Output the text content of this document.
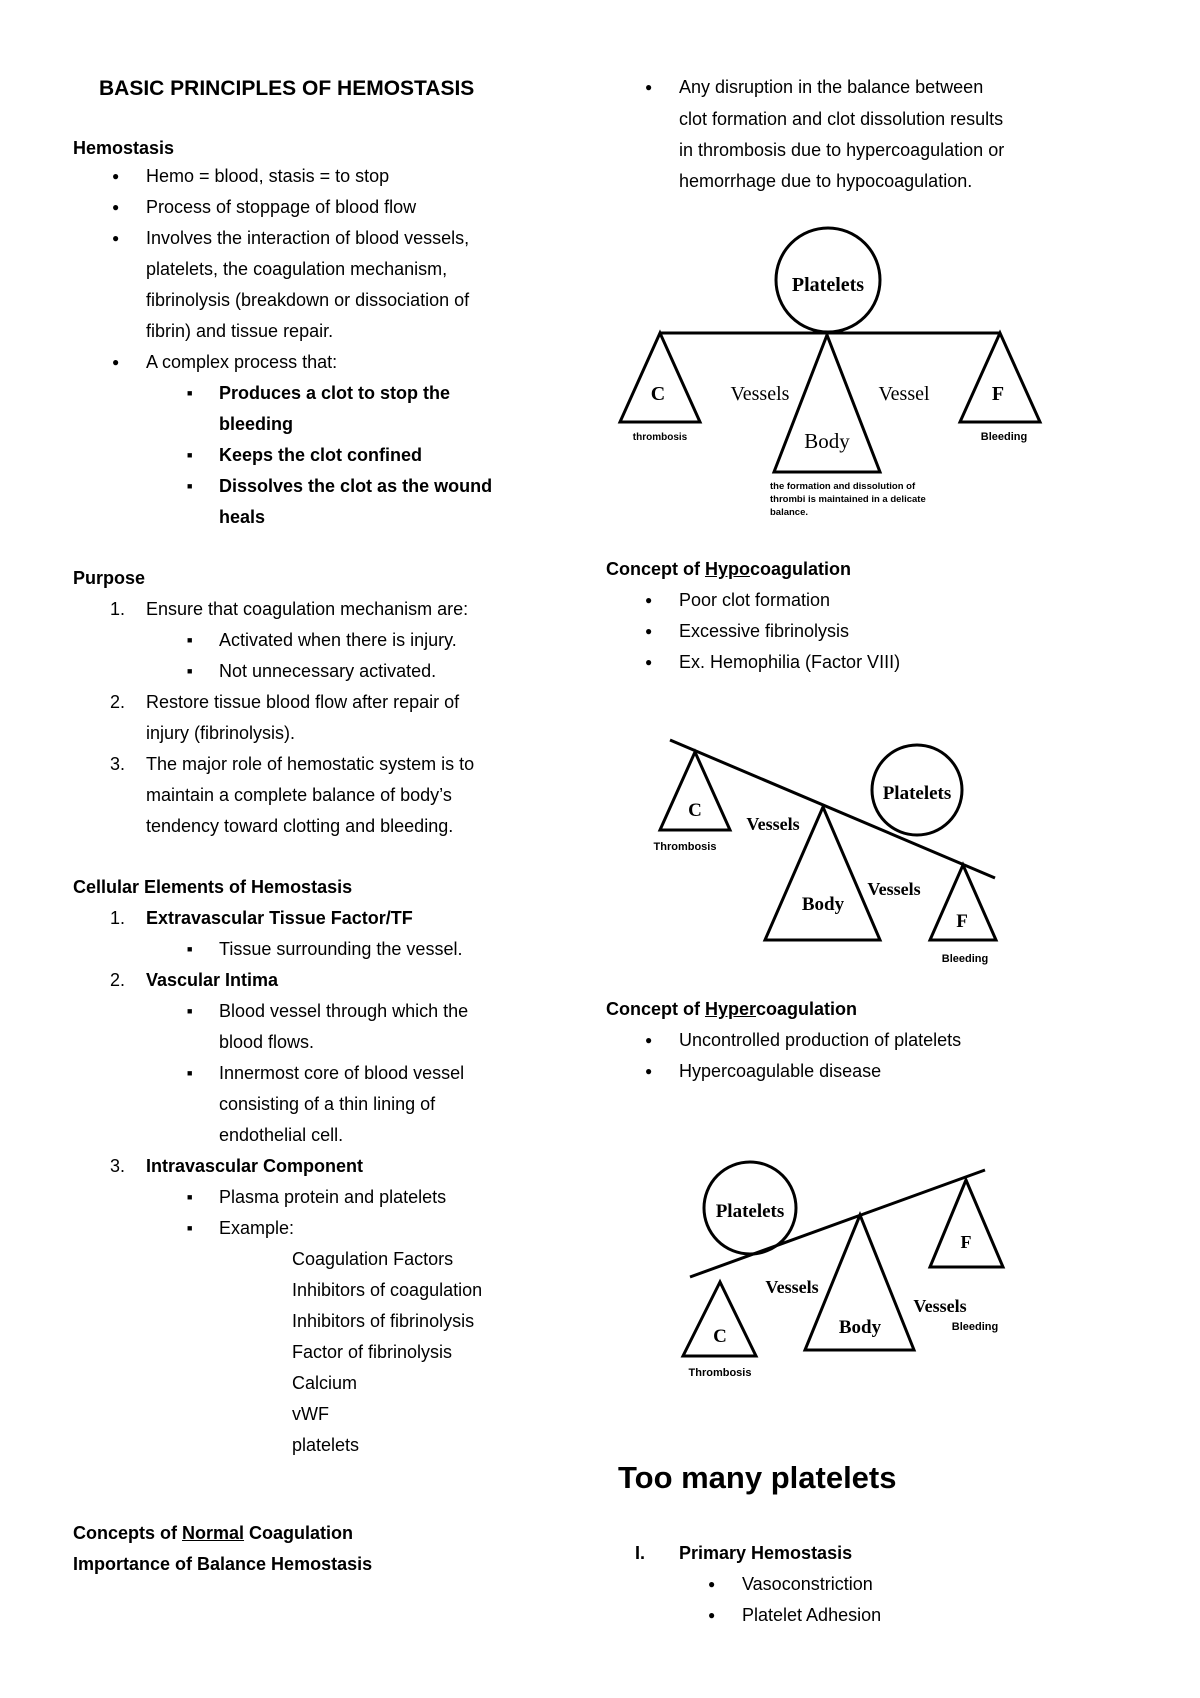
BASIC PRINCIPLES OF HEMOSTASIS
Hemostasis
● Hemo = blood, stasis = to stop
● Process of stoppage of blood flow
● Involves the interaction of blood vessels,
platelets, the coagulation mechanism,
fibrinolysis (breakdown or dissociation of
fibrin) and tissue repair.
● A complex process that:
■ Produces a clot to stop the
bleeding
■ Keeps the clot confined
■ Dissolves the clot as the wound
heals
Purpose
1. Ensure that coagulation mechanism are:
■ Activated when there is injury.
■ Not unnecessary activated.
2. Restore tissue blood flow after repair of
injury (fibrinolysis).
3. The major role of hemostatic system is to
maintain a complete balance of body’s
tendency toward clotting and bleeding.
Cellular Elements of Hemostasis
1. Extravascular Tissue Factor/TF
■ Tissue surrounding the vessel.
2. Vascular Intima
■ Blood vessel through which the
blood flows.
■ Innermost core of blood vessel
consisting of a thin lining of
endothelial cell.
3. Intravascular Component
■ Plasma protein and platelets
■ Example:
Coagulation Factors
Inhibitors of coagulation
Inhibitors of fibrinolysis
Factor of fibrinolysis
Calcium
vWF
platelets
Concepts of Normal Coagulation
Importance of Balance Hemostasis
● Any disruption in the balance between
clot formation and clot dissolution results
in thrombosis due to hypercoagulation or
hemorrhage due to hypocoagulation.
Concept of Hypocoagulation
● Poor clot formation
● Excessive fibrinolysis
● Ex. Hemophilia (Factor VIII)
Concept of Hypercoagulation
● Uncontrolled production of platelets
● Hypercoagulable disease
Too many platelets
I. Primary Hemostasis
● Vasoconstriction
● Platelet Adhesion
Platelets
C	F
Body
Vessels	Vessel
thrombosis	Bleeding
the formation and dissolution of
thrombi is maintained in a delicate
balance.
Platelets
C
Thrombosis
Body
Vessels
Vessels
F
Bleeding
Platelets
F
Body
Vessels
Vessels
Bleeding
C
Thrombosis
